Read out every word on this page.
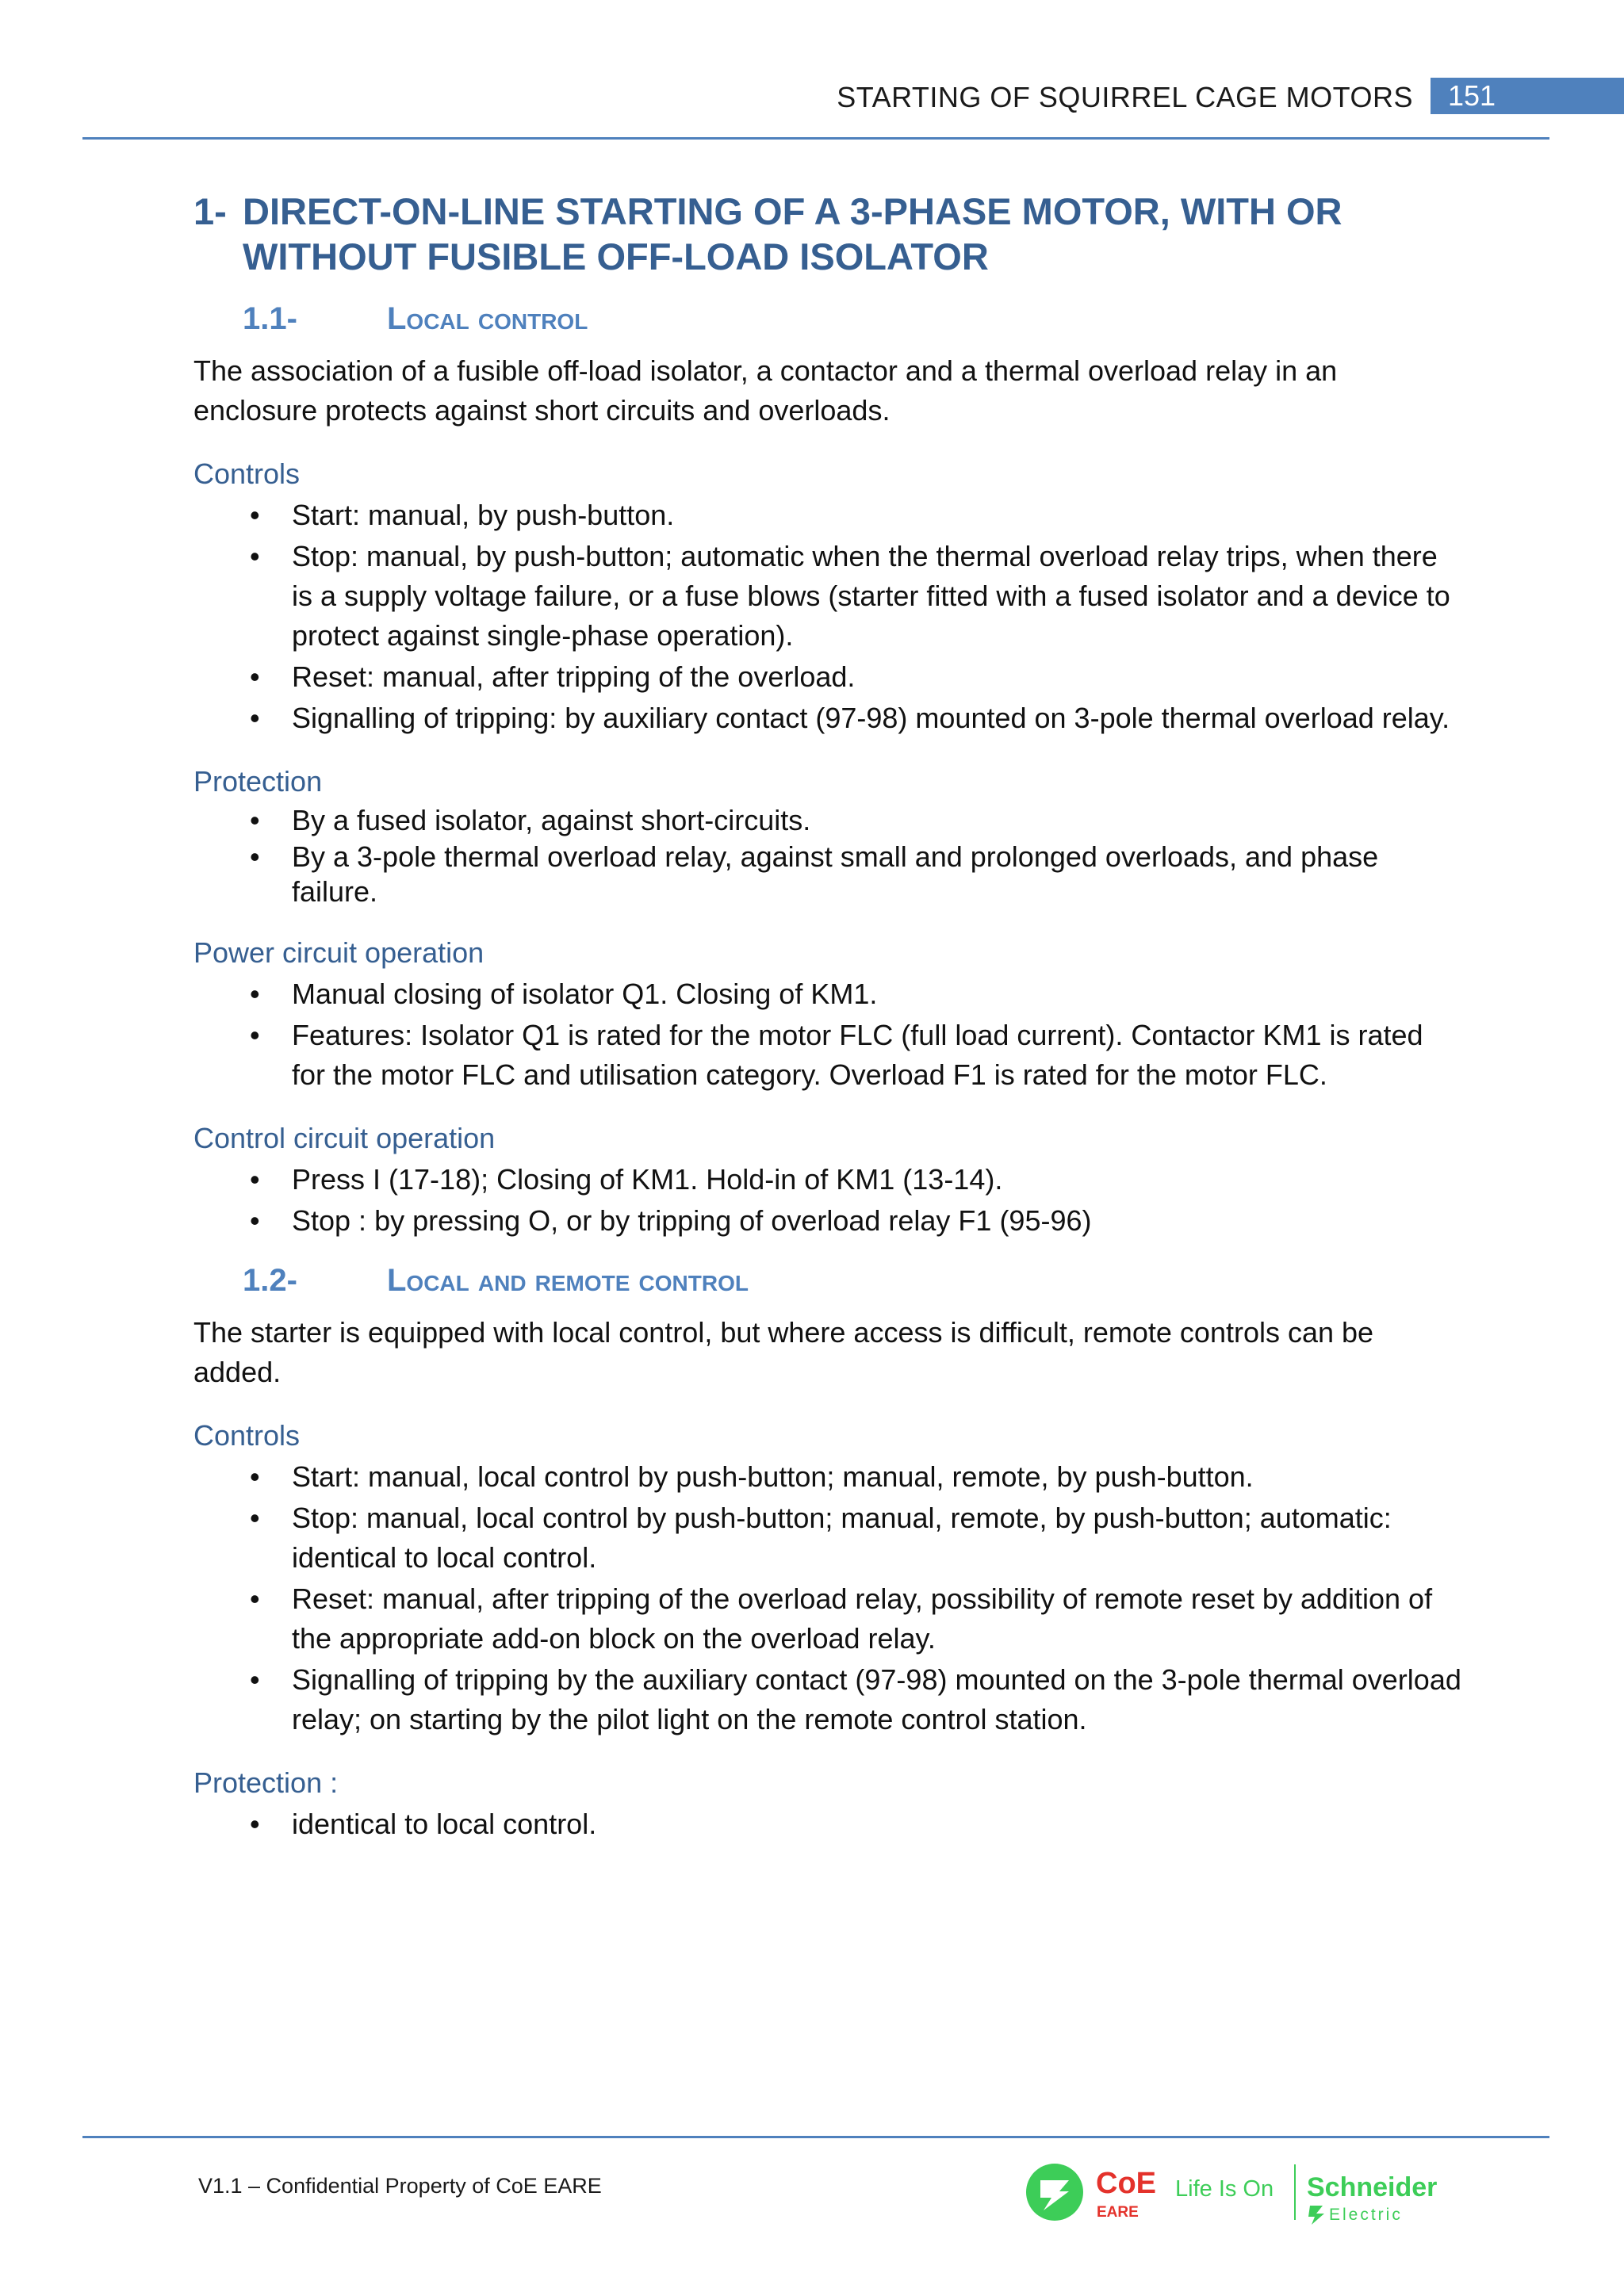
STARTING OF SQUIRREL CAGE MOTORS	151
1- DIRECT-ON-LINE STARTING OF A 3-PHASE MOTOR, WITH OR
WITHOUT FUSIBLE OFF-LOAD ISOLATOR
1.1-	Local control

The association of a fusible off-load isolator, a contactor and a thermal overload relay in an enclosure protects against short circuits and overloads.

Controls
• Start: manual, by push-button.
• Stop: manual, by push-button; automatic when the thermal overload relay trips, when there is a supply voltage failure, or a fuse blows (starter fitted with a fused isolator and a device to protect against single-phase operation).
• Reset: manual, after tripping of the overload.
• Signalling of tripping: by auxiliary contact (97-98) mounted on 3-pole thermal overload relay.
Protection
• By a fused isolator, against short-circuits.
• By a 3-pole thermal overload relay, against small and prolonged overloads, and phase failure.
Power circuit operation
• Manual closing of isolator Q1. Closing of KM1.
• Features: Isolator Q1 is rated for the motor FLC (full load current). Contactor KM1 is rated for the motor FLC and utilisation category. Overload F1 is rated for the motor FLC.
Control circuit operation
• Press I (17-18); Closing of KM1. Hold-in of KM1 (13-14).
• Stop : by pressing O, or by tripping of overload relay F1 (95-96)
1.2-	Local and remote control

The starter is equipped with local control, but where access is difficult, remote controls can be added.

Controls
• Start: manual, local control by push-button; manual, remote, by push-button.
• Stop: manual, local control by push-button; manual, remote, by push-button; automatic: identical to local control.
• Reset: manual, after tripping of the overload relay, possibility of remote reset by addition of the appropriate add-on block on the overload relay.
• Signalling of tripping by the auxiliary contact (97-98) mounted on the 3-pole thermal overload relay; on starting by the pilot light on the remote control station.
Protection :
• identical to local control.
V1.1 – Confidential Property of CoE EARE	CoE
EARE
Life Is On Schneider
Electric
